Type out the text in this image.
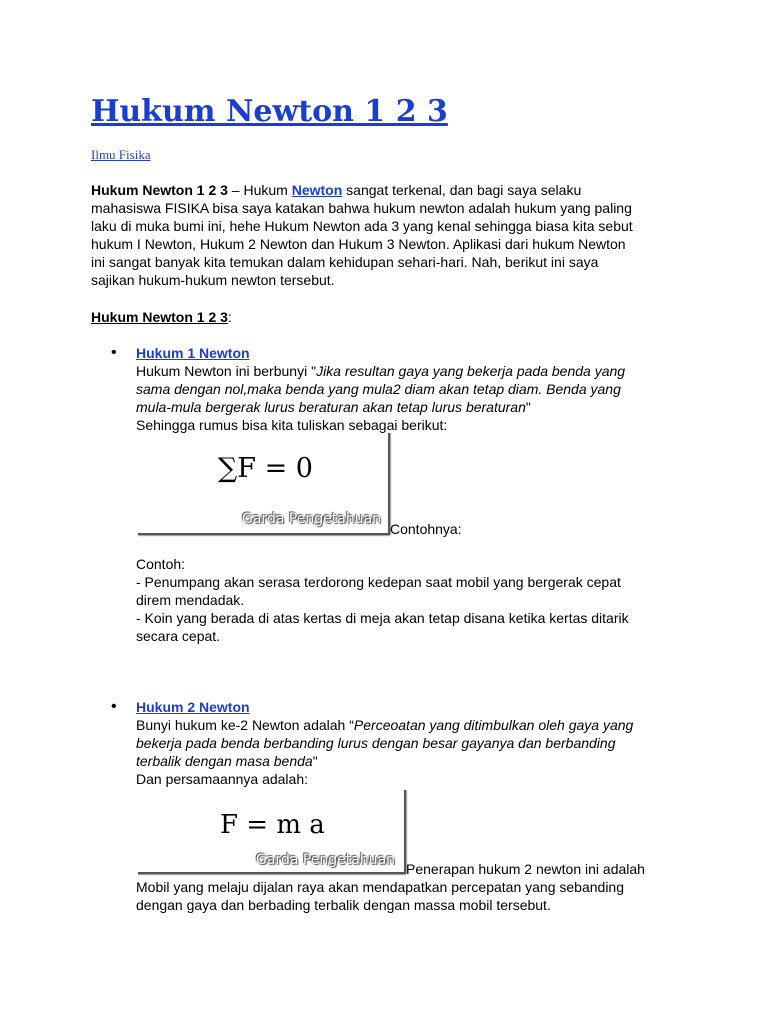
Hukum Newton 1 2 3
Ilmu Fisika
Hukum Newton 1 2 3 – Hukum Newton sangat terkenal, dan bagi saya selaku
mahasiswa FISIKA bisa saya katakan bahwa hukum newton adalah hukum yang paling
laku di muka bumi ini, hehe Hukum Newton ada 3 yang kenal sehingga biasa kita sebut
hukum I Newton, Hukum 2 Newton dan Hukum 3 Newton. Aplikasi dari hukum Newton
ini sangat banyak kita temukan dalam kehidupan sehari-hari. Nah, berikut ini saya
sajikan hukum-hukum newton tersebut.
Hukum Newton 1 2 3:
• Hukum 1 Newton
Hukum Newton ini berbunyi "Jika resultan gaya yang bekerja pada benda yang
sama dengan nol,maka benda yang mula2 diam akan tetap diam. Benda yang
mula-mula bergerak lurus beraturan akan tetap lurus beraturan"
Sehingga rumus bisa kita tuliskan sebagai berikut:
∑F = 0
Garda Pengetahuan
Contohnya:
Contoh:
- Penumpang akan serasa terdorong kedepan saat mobil yang bergerak cepat
direm mendadak.
- Koin yang berada di atas kertas di meja akan tetap disana ketika kertas ditarik
secara cepat.
• Hukum 2 Newton
Bunyi hukum ke-2 Newton adalah “Perceoatan yang ditimbulkan oleh gaya yang
bekerja pada benda berbanding lurus dengan besar gayanya dan berbanding
terbalik dengan masa benda"
Dan persamaannya adalah:
F = m a
Garda Pengetahuan
Penerapan hukum 2 newton ini adalah
Mobil yang melaju dijalan raya akan mendapatkan percepatan yang sebanding
dengan gaya dan berbading terbalik dengan massa mobil tersebut.
